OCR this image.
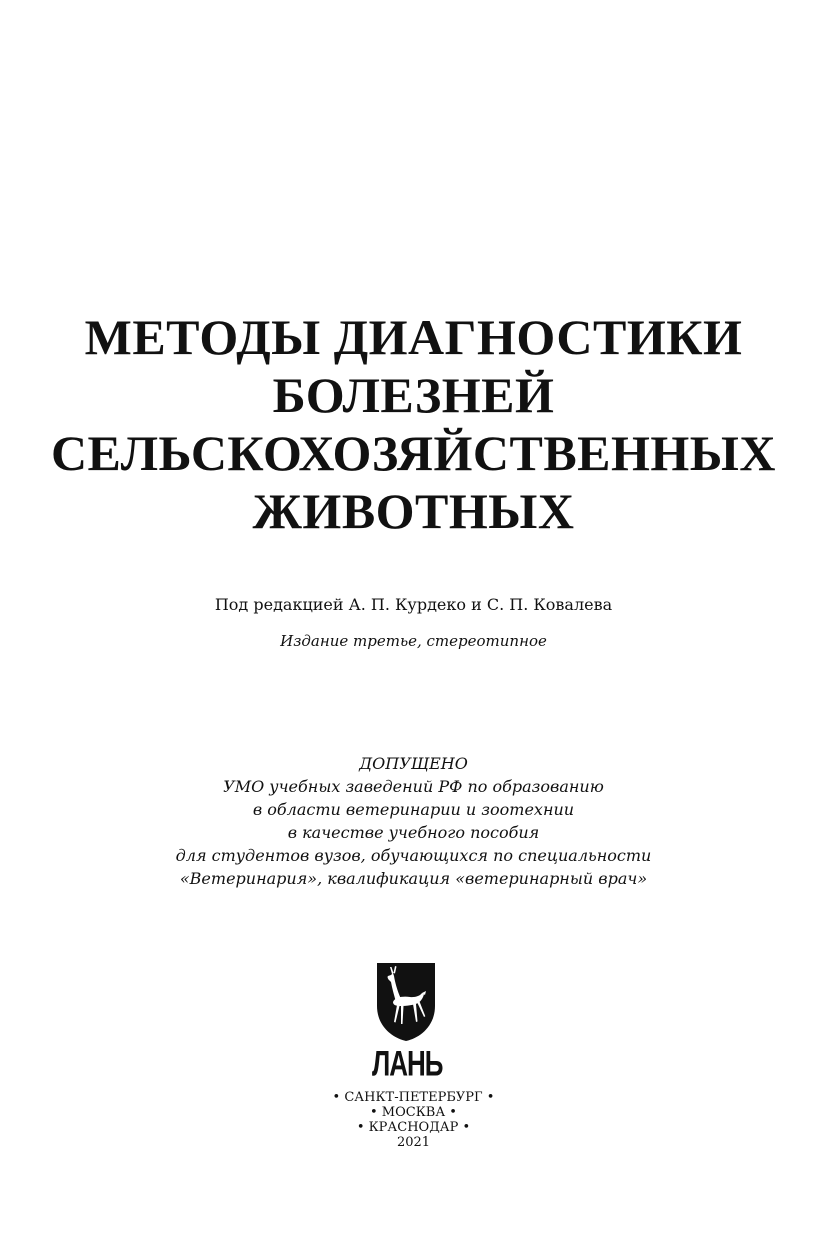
МЕТОДЫ ДИАГНОСТИКИ
БОЛЕЗНЕЙ
СЕЛЬСКОХОЗЯЙСТВЕННЫХ
ЖИВОТНЫХ
Под редакцией А. П. Курдеко и С. П. Ковалева
Издание третье, стереотипное
ДОПУЩЕНО
УМО учебных заведений РФ по образованию
в области ветеринарии и зоотехнии
в качестве учебного пособия
для студентов вузов, обучающихся по специальности
«Ветеринария», квалификация «ветеринарный врач»
ЛАНЬ
• САНКТ-ПЕТЕРБУРГ •
• МОСКВА •
• КРАСНОДАР •
2021
